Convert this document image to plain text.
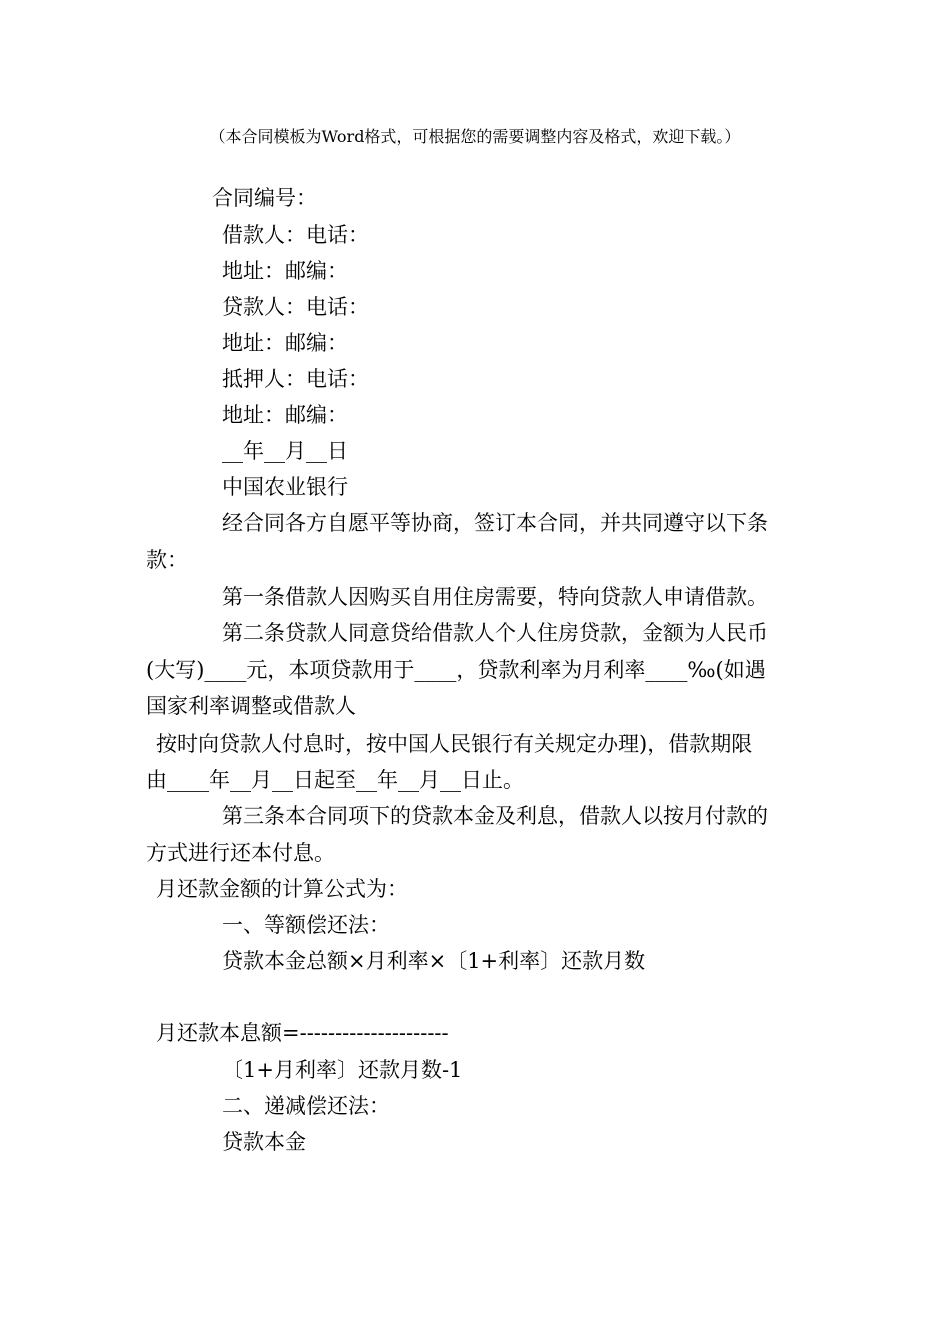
（本合同模板为Word格式，可根据您的需要调整内容及格式，欢迎下载。）
合同编号：
借款人：电话：
地址：邮编：
贷款人：电话：
地址：邮编：
抵押人：电话：
地址：邮编：
__年__月__日
中国农业银行
经合同各方自愿平等协商，签订本合同，并共同遵守以下条
款：
第一条借款人因购买自用住房需要，特向贷款人申请借款。
第二条贷款人同意贷给借款人个人住房贷款，金额为人民币
(大写)____元，本项贷款用于____，贷款利率为月利率____‰(如遇
国家利率调整或借款人
按时向贷款人付息时，按中国人民银行有关规定办理)，借款期限
由____年__月__日起至__年__月__日止。
第三条本合同项下的贷款本金及利息，借款人以按月付款的
方式进行还本付息。
月还款金额的计算公式为：
一、等额偿还法：
贷款本金总额×月利率×〔1+利率〕还款月数
月还款本息额=---------------------
〔1+月利率〕还款月数-1
二、递减偿还法：
贷款本金
